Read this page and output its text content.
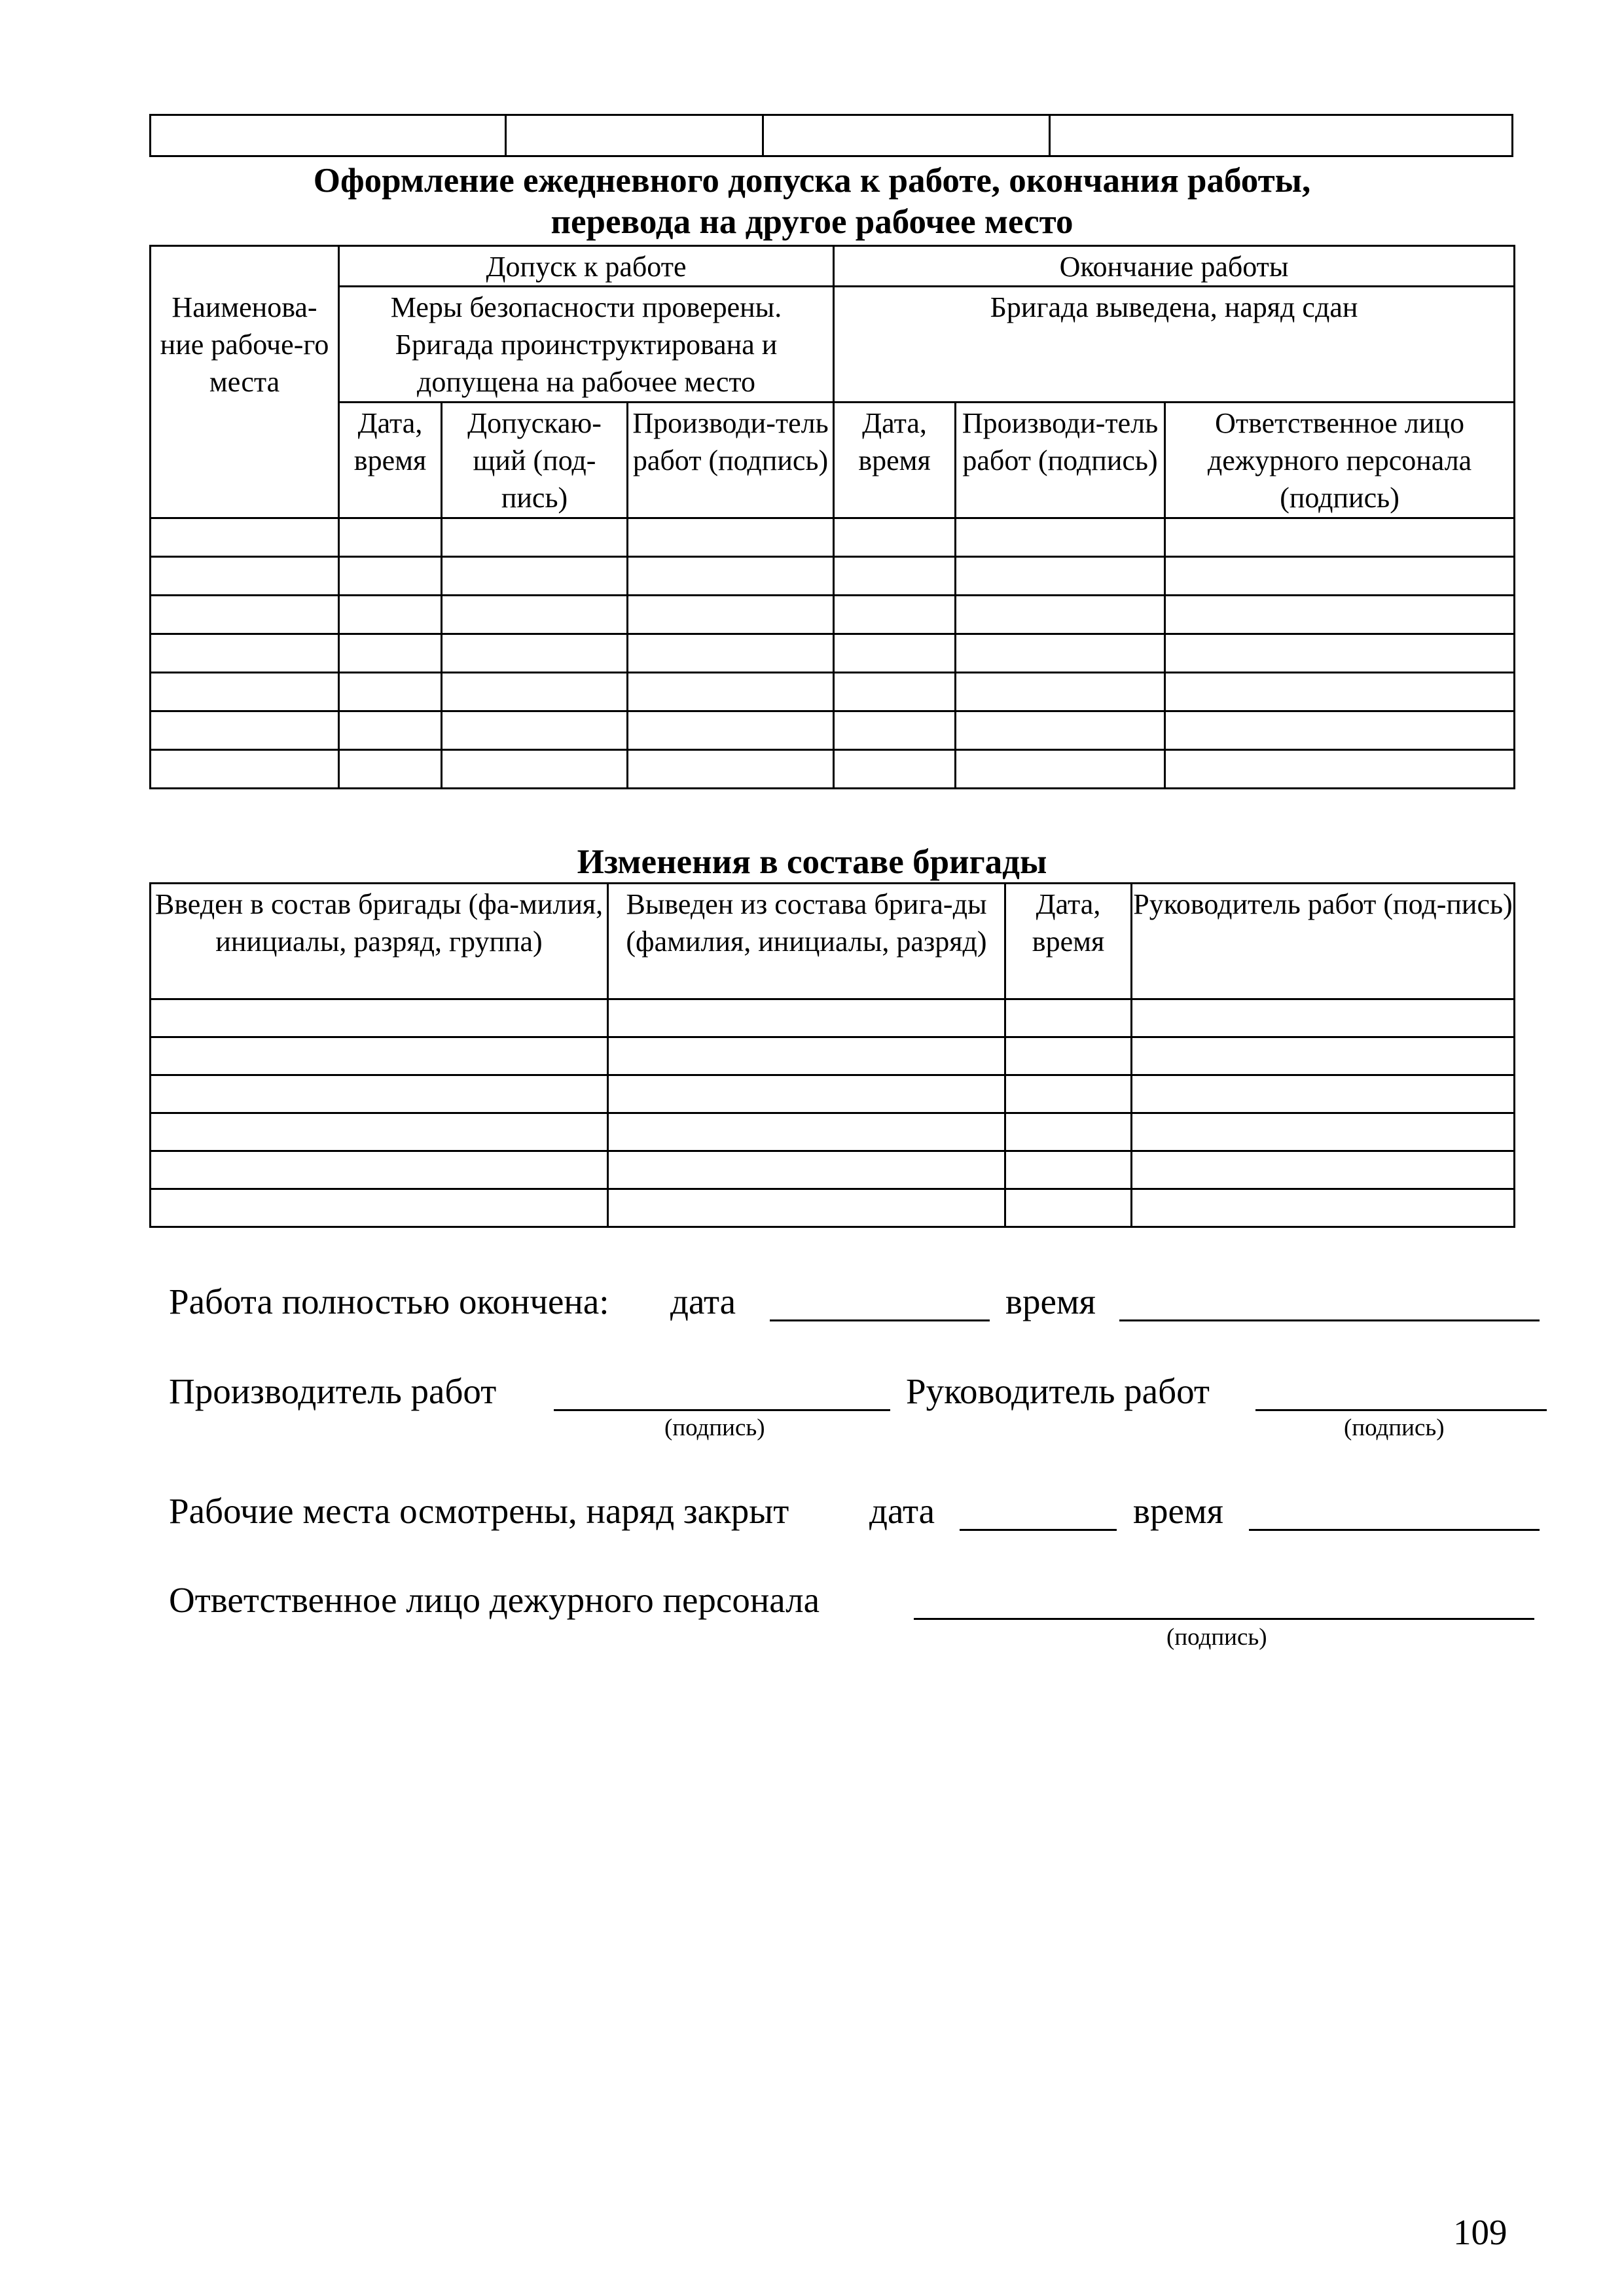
Оформление ежедневного допуска к работе, окончания работы,

перевода на другое рабочее место

Наименова-ние рабоче-го места	Допуск к работе			Окончание работы		
	Меры безопасности проверены. Бригада проинструктирована и допущена на рабочее место			Бригада выведена, наряд сдан		
	Дата, время	Допускаю-щий (под-пись)	Производи-тель работ (подпись)	Дата, время	Производи-тель работ (подпись)	Ответственное лицо дежурного персонала (подпись)

Изменения в составе бригады

Введен в состав бригады (фа-милия, инициалы, разряд, группа)	Выведен из состава брига-ды (фамилия, инициалы, разряд)	Дата, время	Руководитель работ (под-пись)

Работа полностью окончена: дата	время
Производитель работ
(подпись)
Руководитель работ
(подпись)
Рабочие места осмотрены, наряд закрыт дата	время
Ответственное лицо дежурного персонала
(подпись)
109
